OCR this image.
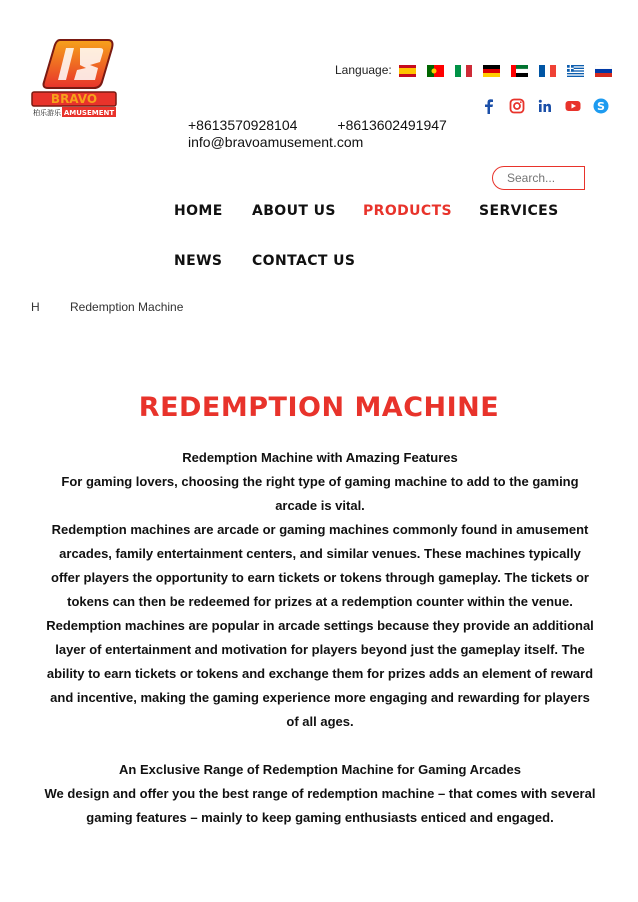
BRAVO
柏乐游乐 AMUSEMENT
Language:
S
+8613570928104	+8613602491947
info@bravoamusement.com
Search...
HOME ABOUT US PRODUCTS SERVICES
NEWS CONTACT US
H	Redemption Machine
REDEMPTION MACHINE

Redemption Machine with Amazing Features

For gaming lovers, choosing the right type of gaming machine to add to the gaming arcade is vital.

Redemption machines are arcade or gaming machines commonly found in amusement arcades, family entertainment centers, and similar venues. These machines typically offer players the opportunity to earn tickets or tokens through gameplay. The tickets or tokens can then be redeemed for prizes at a redemption counter within the venue. Redemption machines are popular in arcade settings because they provide an additional layer of entertainment and motivation for players beyond just the gameplay itself. The ability to earn tickets or tokens and exchange them for prizes adds an element of reward and incentive, making the gaming experience more engaging and rewarding for players of all ages.

An Exclusive Range of Redemption Machine for Gaming Arcades

We design and offer you the best range of redemption machine – that comes with several gaming features – mainly to keep gaming enthusiasts enticed and engaged.
